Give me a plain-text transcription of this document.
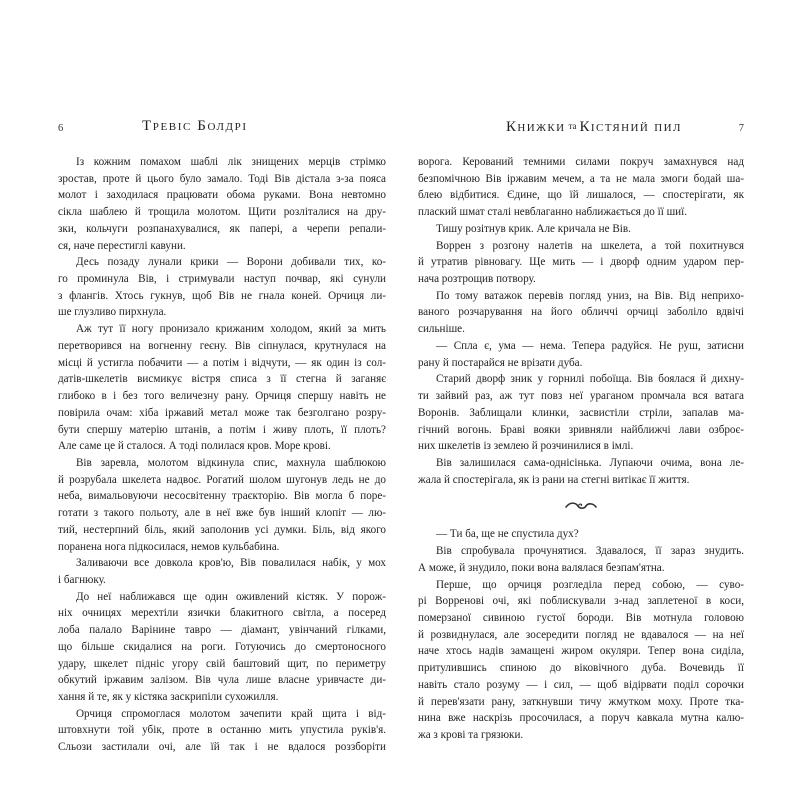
6	Тревіс Болдрі
Із кожним помахом шаблі лік знищених мерців стрімко
зростав, проте й цього було замало. Тоді Вів дістала з-за пояса
молот і заходилася працювати обома руками. Вона невтомно
сікла шаблею й трощила молотом. Щити розліталися на дру-
зки, кольчуги розпанахувалися, як папері, а черепи репали-
ся, наче перестиглі кавуни.
Десь позаду лунали крики — Ворони добивали тих, ко-
го проминула Вів, і стримували наступ почвар, які сунули
з флангів. Хтось гукнув, щоб Вів не гнала коней. Орчиця ли-
ше глузливо пирхнула.
Аж тут її ногу пронизало крижаним холодом, який за мить
перетворився на вогненну геєну. Вів сіпнулася, крутнулася на
місці й устигла побачити — а потім і відчути, — як один із сол-
датів-шкелетів висмикує вістря списа з її стегна й заганяє
глибоко в і без того величезну рану. Орчиця спершу навіть не
повірила очам: хіба іржавий метал може так безголгано розру-
бути спершу матерію штанів, а потім і живу плоть, її плоть?
Але саме це й сталося. А тоді полилася кров. Море крові.
Вів заревла, молотом відкинула спис, махнула шаблюкою
й розрубала шкелета надвоє. Рогатий шолом шугонув ледь не до
неба, вимальовуючи несосвітенну траєкторію. Вів могла б поре-
готати з такого польоту, але в неї вже був інший клопіт — лю-
тий, нестерпний біль, який заполонив усі думки. Біль, від якого
поранена нога підкосилася, немов кульбабина.
Заливаючи все довкола кров'ю, Вів повалилася набік, у мох
і багнюку.
До неї наближався ще один оживлений кістяк. У порож-
ніх очницях мерехтіли язички блакитного світла, а посеред
лоба палало Варінине тавро — діамант, увінчаний гілками,
що більше скидалися на роги. Готуючись до смертоносного
удару, шкелет підніс угору свій баштовий щит, по периметру
обкутий іржавим залізом. Вів чула лише власне уривчасте ди-
хання й те, як у кістяка заскрипіли сухожилля.
Орчиця спромоглася молотом зачепити край щита і від-
штовхнути той убік, проте в останню мить упустила руків'я.
Сльози застилали очі, але їй так і не вдалося роззборіти
Книжки та Кістяний пил	7
ворога. Керований темними силами покруч замахнувся над
безпомічною Вів іржавим мечем, а та не мала змоги бодай ша-
блею відбитися. Єдине, що їй лишалося, — спостерігати, як
плаский шмат сталі невблаганно наближається до її шиї.
Тишу розітнув крик. Але кричала не Вів.
Воррен з розгону налетів на шкелета, а той похитнувся
й утратив рівновагу. Ще мить — і дворф одним ударом пер-
нача розтрощив потвору.
По тому ватажок перевів погляд униз, на Вів. Від неприхо-
ваного розчарування на його обличчі орчиці заболіло вдвічі
сильніше.
— Спла є, ума — нема. Тепера радуйся. Не руш, затисни
рану й постарайся не врізати дуба.
Старий дворф зник у горнилі побоїща. Вів боялася й дихну-
ти зайвий раз, аж тут повз неї ураганом промчала вся ватага
Воронів. Заблищали клинки, засвистіли стріли, запалав ма-
гічний вогонь. Браві вояки зривняли найближчі лави озброє-
них шкелетів із землею й розчинилися в імлі.
Вів залишилася сама-однісінька. Лупаючи очима, вона ле-
жала й спостерігала, як із рани на стегні витікає її життя.
— Ти ба, ще не спустила дух?
Вів спробувала прочунятися. Здавалося, її зараз знудить.
А може, й знудило, поки вона валялася безпам'ятна.
Перше, що орчиця розгледіла перед собою, — суво-
рі Ворренові очі, які поблискували з-над заплетеної в коси,
померзаної сивиною густої бороди. Вів мотнула головою
й розвиднулася, але зосередити погляд не вдавалося — на неї
наче хтось надів замащені жиром окуляри. Тепер вона сиділа,
притулившись спиною до віковічного дуба. Вочевидь її
навіть стало розуму — і сил, — щоб відірвати поділ сорочки
й перев'язати рану, заткнувши тичу жмутком моху. Проте тка-
нина вже наскрізь просочилася, а поруч кавкала мутна калю-
жа з крові та грязюки.
